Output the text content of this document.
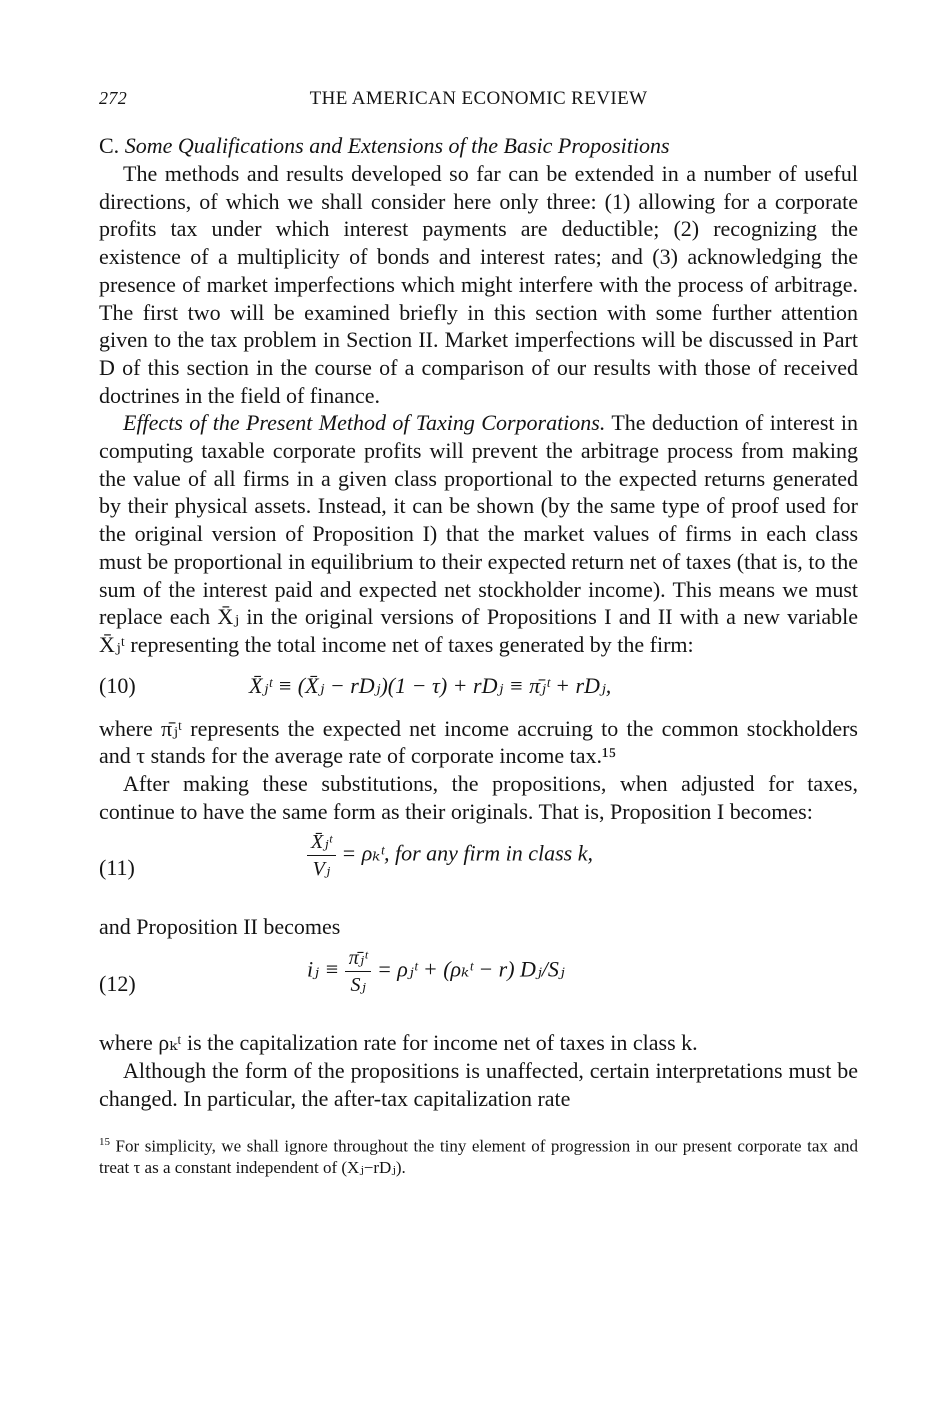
272	THE AMERICAN ECONOMIC REVIEW
C. Some Qualifications and Extensions of the Basic Propositions

The methods and results developed so far can be extended in a number of useful directions, of which we shall consider here only three: (1) allowing for a corporate profits tax under which interest payments are deductible; (2) recognizing the existence of a multiplicity of bonds and interest rates; and (3) acknowledging the presence of market imperfections which might interfere with the process of arbitrage. The first two will be examined briefly in this section with some further attention given to the tax problem in Section II. Market imperfections will be discussed in Part D of this section in the course of a comparison of our results with those of received doctrines in the field of finance.

Effects of the Present Method of Taxing Corporations. The deduction of interest in computing taxable corporate profits will prevent the arbitrage process from making the value of all firms in a given class proportional to the expected returns generated by their physical assets. Instead, it can be shown (by the same type of proof used for the original version of Proposition I) that the market values of firms in each class must be proportional in equilibrium to their expected return net of taxes (that is, to the sum of the interest paid and expected net stockholder income). This means we must replace each X̄ⱼ in the original versions of Propositions I and II with a new variable X̄ⱼᵗ representing the total income net of taxes generated by the firm:

(10)	X̄ⱼᵗ ≡ (X̄ⱼ − rDⱼ)(1 − τ) + rDⱼ ≡ π̄ⱼᵗ + rDⱼ,

where π̄ⱼᵗ represents the expected net income accruing to the common stockholders and τ stands for the average rate of corporate income tax.¹⁵

After making these substitutions, the propositions, when adjusted for taxes, continue to have the same form as their originals. That is, Proposition I becomes:

(11)	$\frac{\text{X̄ⱼᵗ}}{\text{Vⱼ}}$ = ρₖᵗ, for any firm in class k,

and Proposition II becomes

(12)
iⱼ ≡ $\frac{\text{π̄ⱼᵗ}}{\text{Sⱼ}}$ = ρⱼᵗ + (ρₖᵗ − r) Dⱼ/Sⱼ

where ρₖᵗ is the capitalization rate for income net of taxes in class k.

Although the form of the propositions is unaffected, certain interpretations must be changed. In particular, the after-tax capitalization rate

$^{15}$ For simplicity, we shall ignore throughout the tiny element of progression in our present corporate tax and treat τ as a constant independent of (Xⱼ−rDⱼ).
